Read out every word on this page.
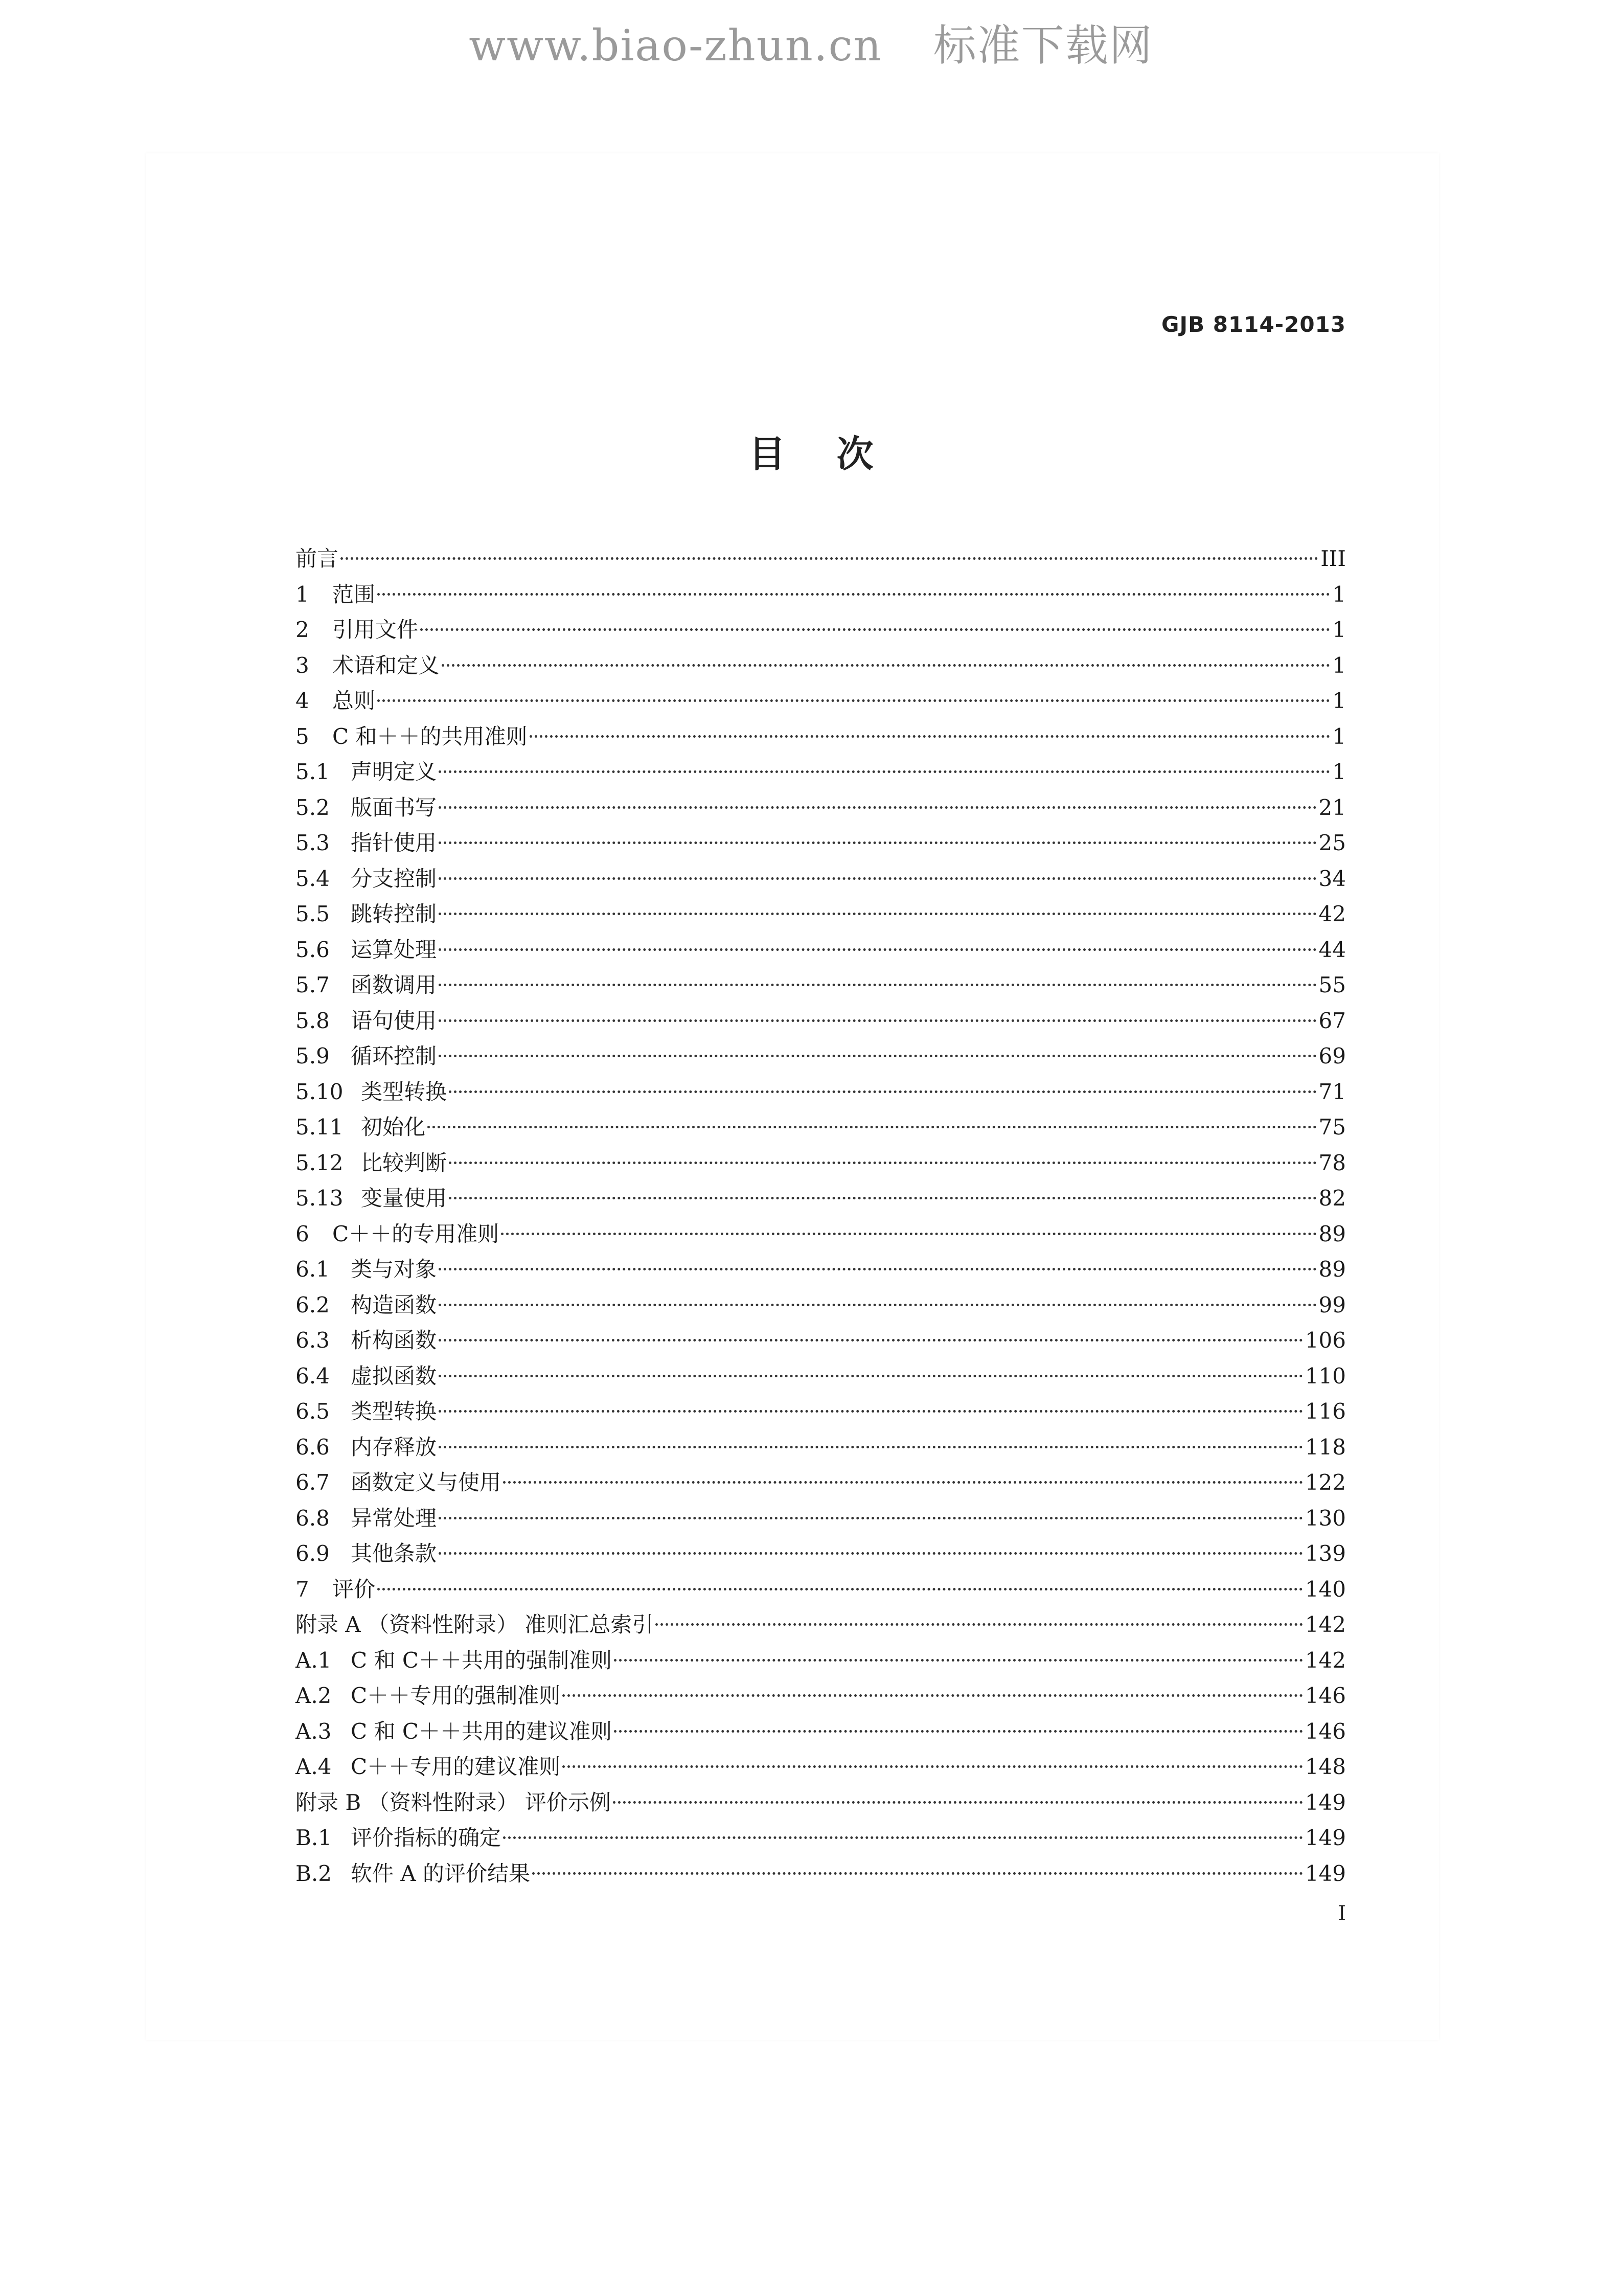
www.biao-zhun.cn 标准下载网
GJB 8114-2013
目次
前言	III
1	范围	1
2	引用文件	1
3	术语和定义	1
4	总则	1
5	C 和＋＋的共用准则	1
5.1 声明定义	1
5.2 版面书写	21
5.3 指针使用	25
5.4 分支控制	34
5.5 跳转控制	42
5.6 运算处理	44
5.7 函数调用	55
5.8 语句使用	67
5.9 循环控制	69
5.10 类型转换	71
5.11 初始化	75
5.12 比较判断	78
5.13 变量使用	82
6	C＋＋的专用准则	89
6.1 类与对象	89
6.2 构造函数	99
6.3 析构函数	106
6.4 虚拟函数	110
6.5 类型转换	116
6.6 内存释放	118
6.7 函数定义与使用	122
6.8 异常处理	130
6.9 其他条款	139
7	评价	140
附录 A （资料性附录） 准则汇总索引	142
A.1 C 和 C＋＋共用的强制准则	142
A.2 C＋＋专用的强制准则	146
A.3 C 和 C＋＋共用的建议准则	146
A.4 C＋＋专用的建议准则	148
附录 B （资料性附录） 评价示例	149
B.1 评价指标的确定	149
B.2 软件 A 的评价结果	149
I
